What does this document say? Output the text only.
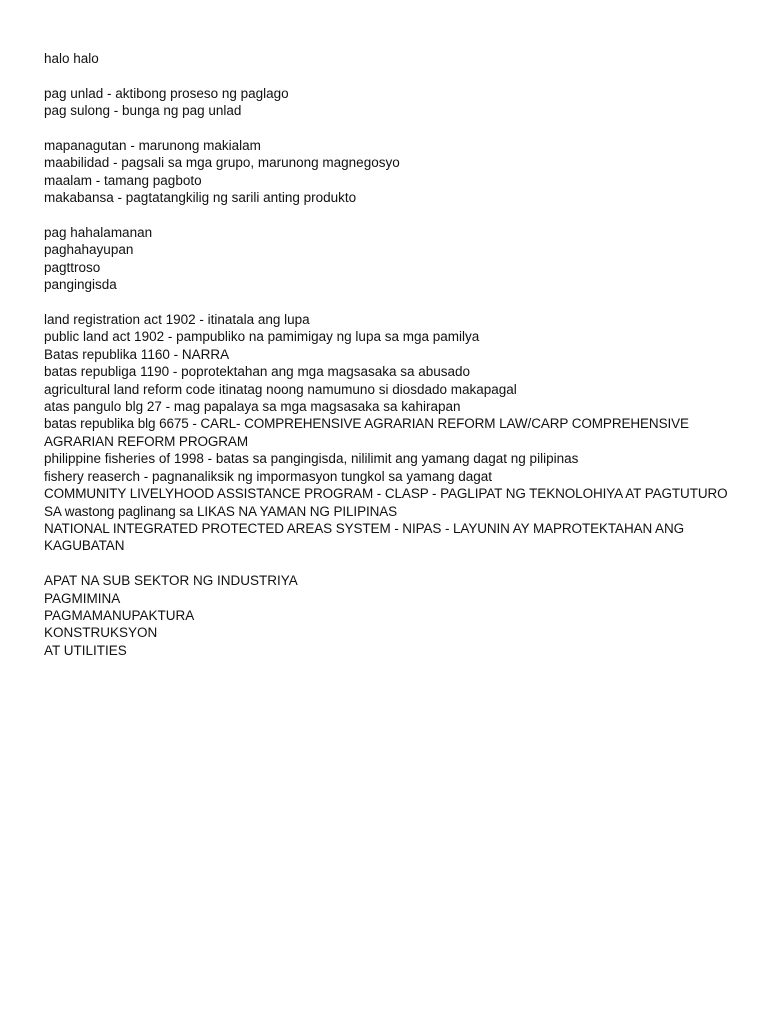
halo halo

pag unlad - aktibong proseso ng paglago
pag sulong - bunga ng pag unlad

mapanagutan - marunong makialam
maabilidad - pagsali sa mga grupo, marunong magnegosyo
maalam - tamang pagboto
makabansa - pagtatangkilig ng sarili anting produkto

pag hahalamanan
paghahayupan
pagttroso
pangingisda

land registration act 1902 - itinatala ang lupa
public land act 1902 - pampubliko na pamimigay ng lupa sa mga pamilya
Batas republika 1160 - NARRA
batas republiga 1190 - poprotektahan ang mga magsasaka sa abusado
agricultural land reform code itinatag noong namumuno si diosdado makapagal
atas pangulo blg 27 - mag papalaya sa mga magsasaka sa kahirapan
batas republika blg 6675 - CARL- COMPREHENSIVE AGRARIAN REFORM LAW/CARP COMPREHENSIVE AGRARIAN REFORM PROGRAM
philippine fisheries of 1998 - batas sa pangingisda, nililimit ang yamang dagat ng pilipinas
fishery reaserch - pagnanaliksik ng impormasyon tungkol sa yamang dagat
COMMUNITY LIVELYHOOD ASSISTANCE PROGRAM - CLASP - PAGLIPAT NG TEKNOLOHIYA AT PAGTUTURO SA wastong paglinang sa LIKAS NA YAMAN NG PILIPINAS
NATIONAL INTEGRATED PROTECTED AREAS SYSTEM - NIPAS - LAYUNIN AY MAPROTEKTAHAN ANG KAGUBATAN

APAT NA SUB SEKTOR NG INDUSTRIYA
PAGMIMINA
PAGMAMANUPAKTURA
KONSTRUKSYON
AT UTILITIES
